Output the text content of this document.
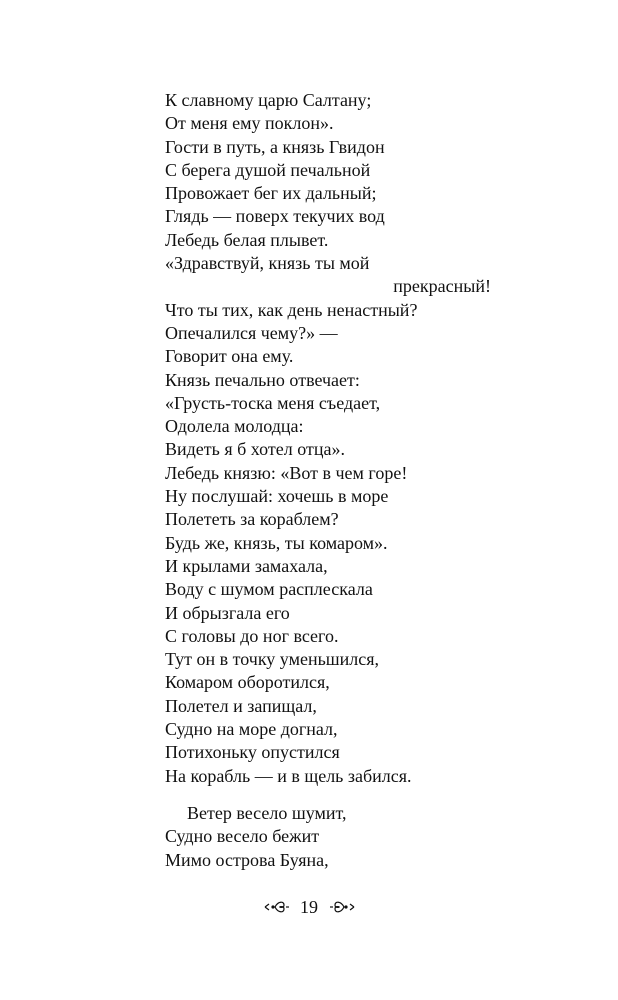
К славному царю Салтану;
От меня ему поклон».
Гости в путь, а князь Гвидон
С берега душой печальной
Провожает бег их дальный;
Глядь — поверх текучих вод
Лебедь белая плывет.
«Здравствуй, князь ты мой
прекрасный!
Что ты тих, как день ненастный?
Опечалился чему?» —
Говорит она ему.
Князь печально отвечает:
«Грусть-тоска меня съедает,
Одолела молодца:
Видеть я б хотел отца».
Лебедь князю: «Вот в чем горе!
Ну послушай: хочешь в море
Полететь за кораблем?
Будь же, князь, ты комаром».
И крылами замахала,
Воду с шумом расплескала
И обрызгала его
С головы до ног всего.
Тут он в точку уменьшился,
Комаром оборотился,
Полетел и запищал,
Судно на море догнал,
Потихоньку опустился
На корабль — и в щель забился.
Ветер весело шумит,
Судно весело бежит
Мимо острова Буяна,
19
